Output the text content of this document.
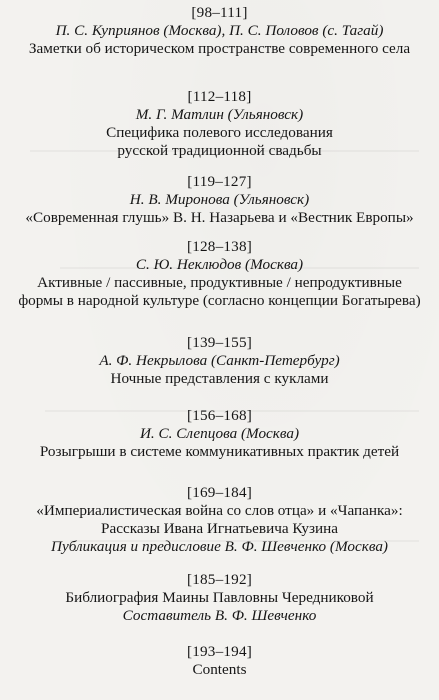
[98–111]
П. С. Куприянов (Москва), П. С. Половов (с. Тагай)
Заметки об историческом пространстве современного села
[112–118]
М. Г. Матлин (Ульяновск)
Специфика полевого исследования
русской традиционной свадьбы
[119–127]
Н. В. Миронова (Ульяновск)
«Современная глушь» В. Н. Назарьева и «Вестник Европы»
[128–138]
С. Ю. Неклюдов (Москва)
Активные / пассивные, продуктивные / непродуктивные
формы в народной культуре (согласно концепции Богатырева)
[139–155]
А. Ф. Некрылова (Санкт-Петербург)
Ночные представления с куклами
[156–168]
И. С. Слепцова (Москва)
Розыгрыши в системе коммуникативных практик детей
[169–184]
«Империалистическая война со слов отца» и «Чапанка»:
Рассказы Ивана Игнатьевича Кузина
Публикация и предисловие В. Ф. Шевченко (Москва)
[185–192]
Библиография Маины Павловны Чередниковой
Составитель В. Ф. Шевченко
[193–194]
Contents
